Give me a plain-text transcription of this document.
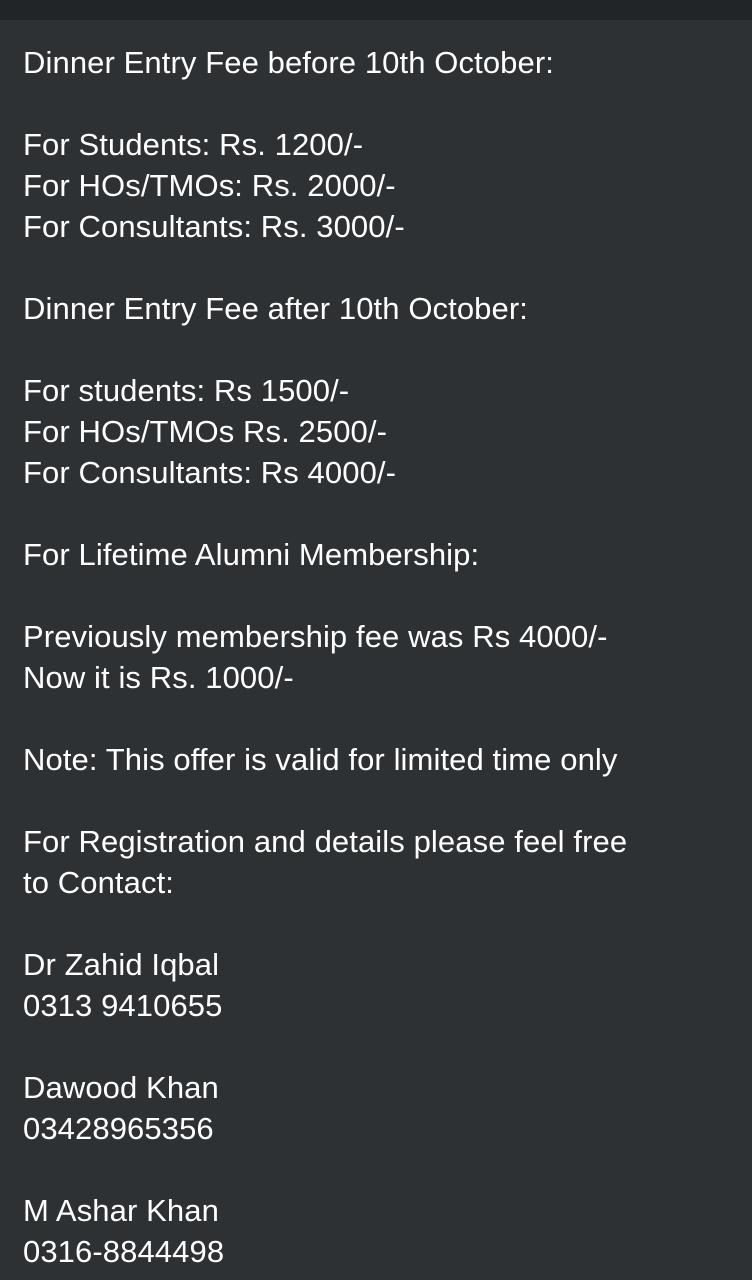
Dinner Entry Fee before 10th October:
For Students: Rs. 1200/-
For HOs/TMOs: Rs. 2000/-
For Consultants: Rs. 3000/-
Dinner Entry Fee after 10th October:
For students: Rs 1500/-
For HOs/TMOs Rs. 2500/-
For Consultants: Rs 4000/-
For Lifetime Alumni Membership:
Previously membership fee was Rs 4000/-
Now it is Rs. 1000/-
Note: This offer is valid for limited time only
For Registration and details please feel free
to Contact:
Dr Zahid Iqbal
0313 9410655
Dawood Khan
03428965356
M Ashar Khan
0316-8844498
